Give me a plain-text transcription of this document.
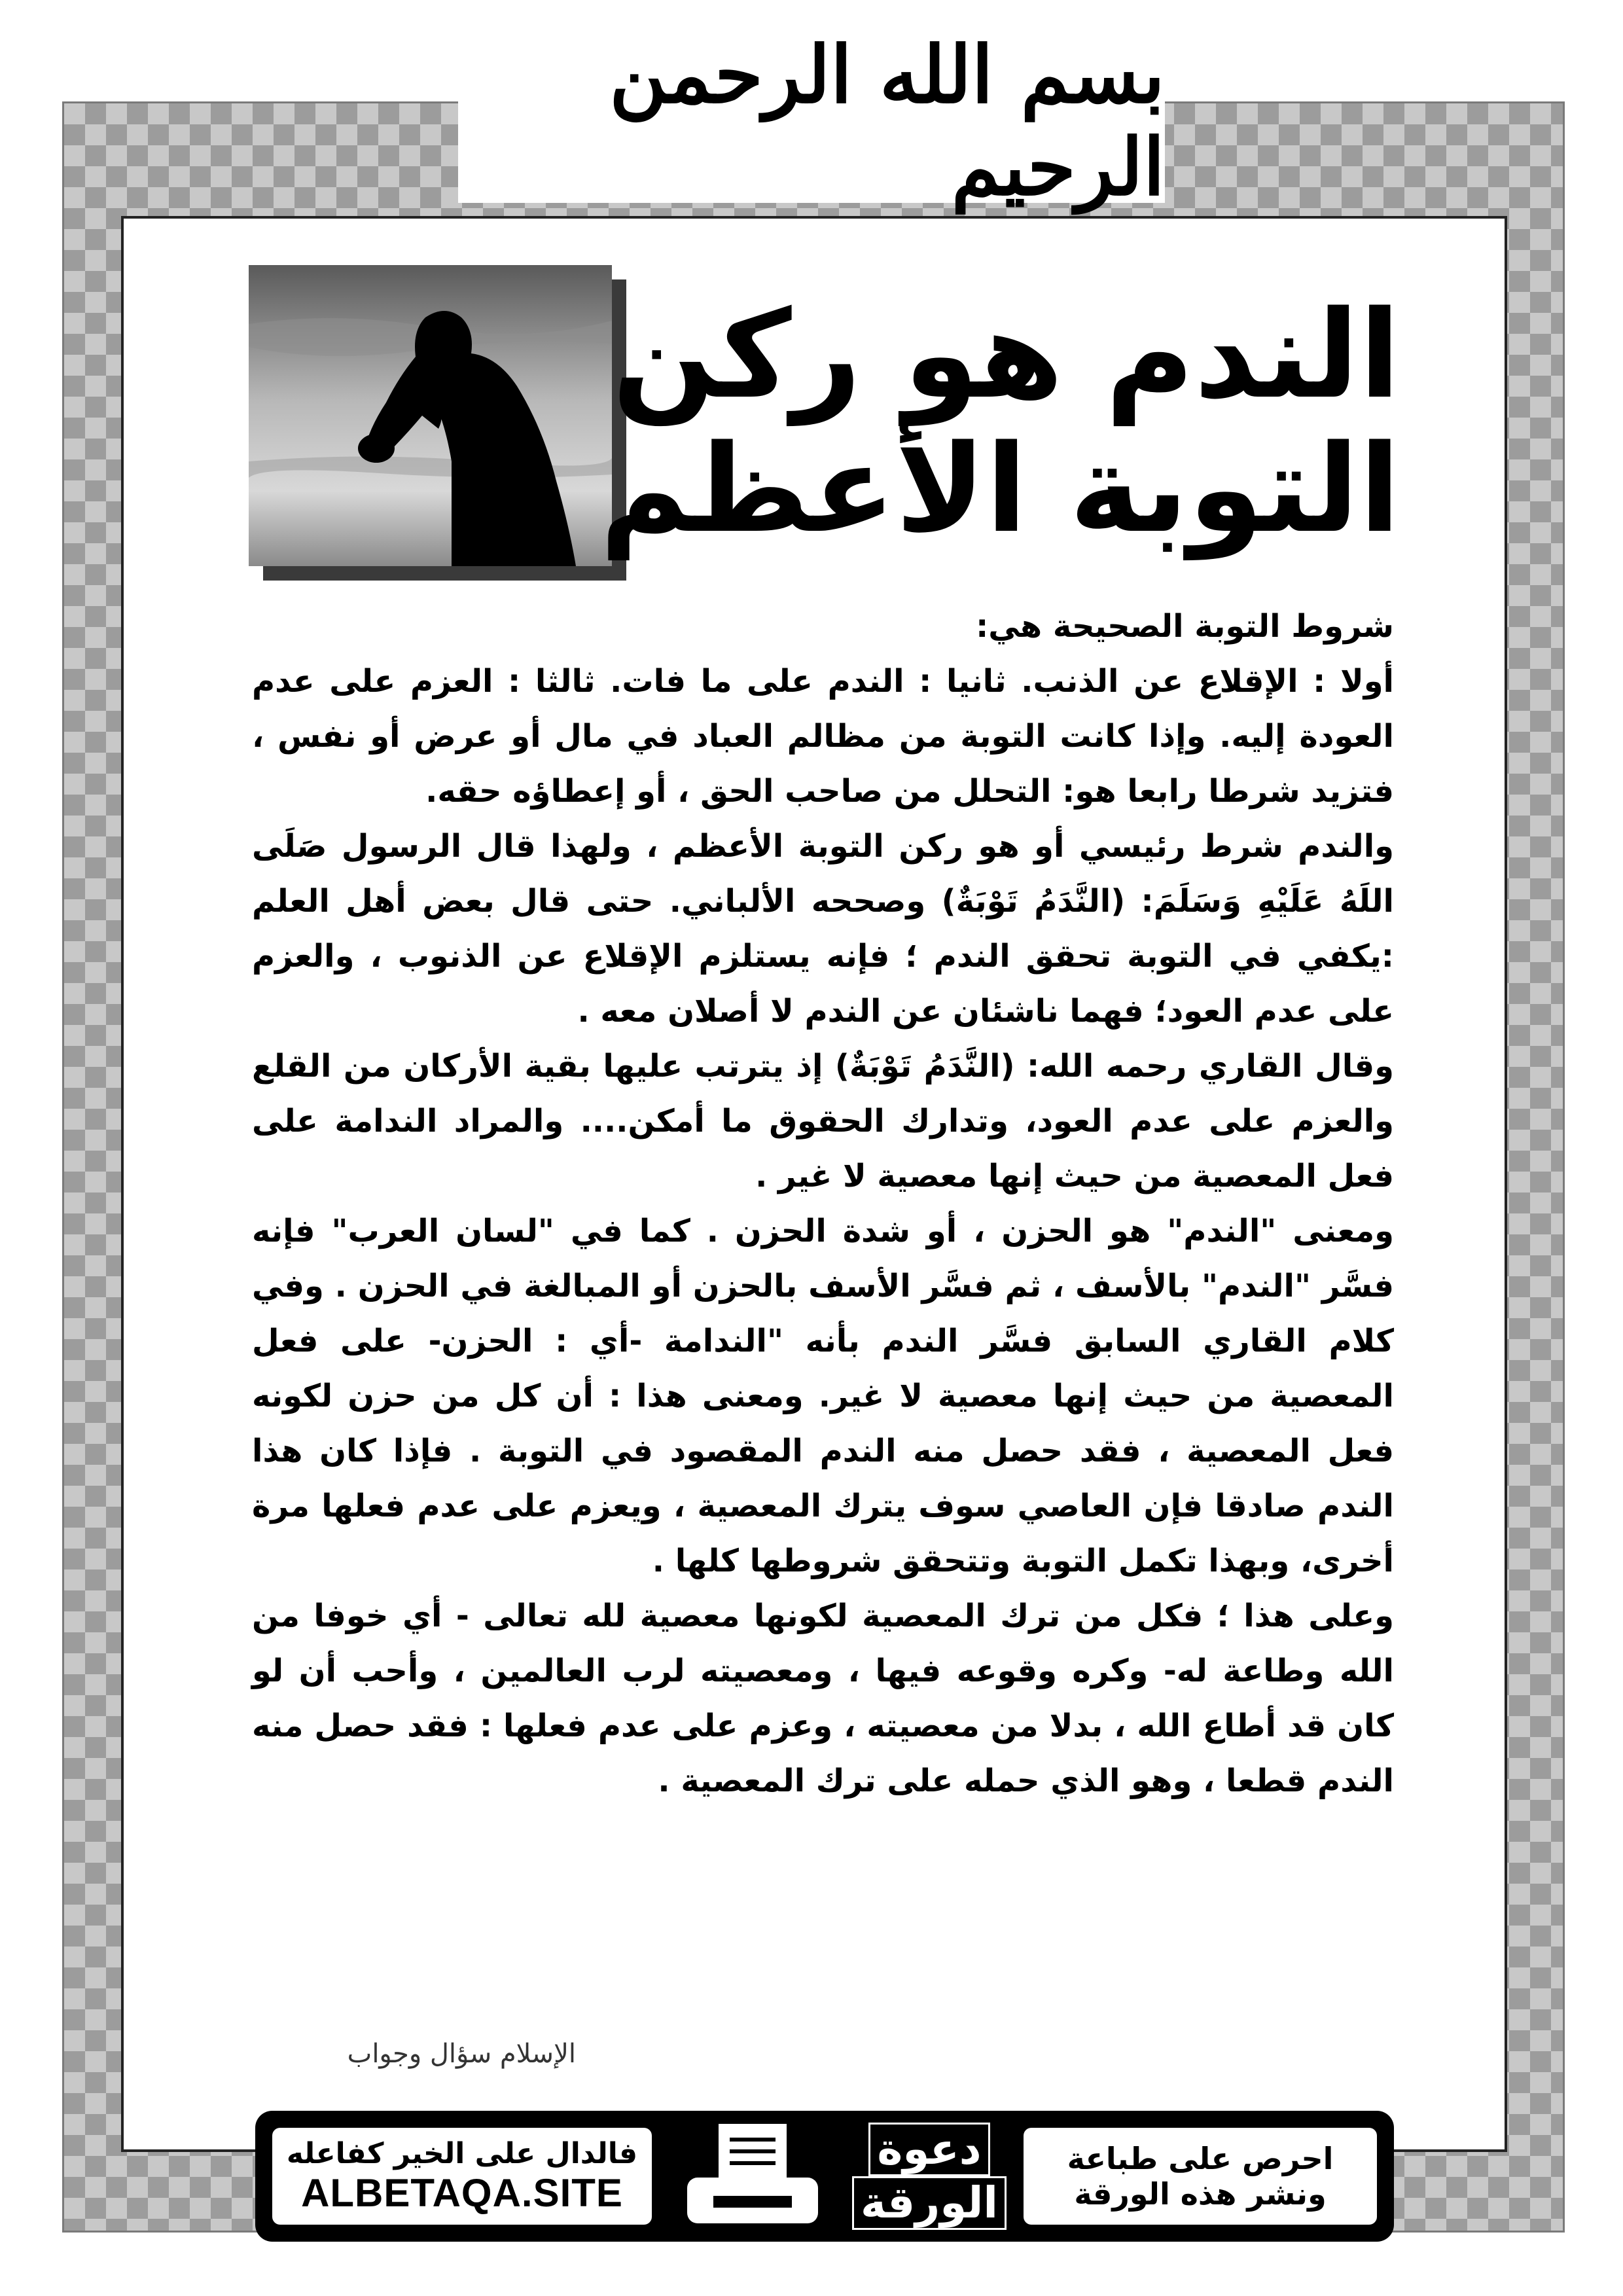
بسم الله الرحمن الرحيم
الندم هو ركن
التوبة الأعظم

شروط التوبة الصحيحة هي:

أولا : الإقلاع عن الذنب. ثانيا : الندم على ما فات. ثالثا : العزم على عدم العودة إليه. وإذا كانت التوبة من مظالم العباد في مال أو عرض أو نفس ، فتزيد شرطا رابعا هو: التحلل من صاحب الحق ، أو إعطاؤه حقه.

والندم شرط رئيسي أو هو ركن التوبة الأعظم ، ولهذا قال الرسول صَلَى اللَهُ عَلَيْهِ وَسَلَمَ: (النَّدَمُ تَوْبَةٌ) وصححه الألباني. حتى قال بعض أهل العلم :يكفي في التوبة تحقق الندم ؛ فإنه يستلزم الإقلاع عن الذنوب ، والعزم على عدم العود؛ فهما ناشئان عن الندم لا أصلان معه .

وقال القاري رحمه الله: (النَّدَمُ تَوْبَةٌ) إذ يترتب عليها بقية الأركان من القلع والعزم على عدم العود، وتدارك الحقوق ما أمكن.... والمراد الندامة على فعل المعصية من حيث إنها معصية لا غير .

ومعنى "الندم" هو الحزن ، أو شدة الحزن . كما في "لسان العرب" فإنه فسَّر "الندم" بالأسف ، ثم فسَّر الأسف بالحزن أو المبالغة في الحزن . وفي كلام القاري السابق فسَّر الندم بأنه "الندامة -أي : الحزن- على فعل المعصية من حيث إنها معصية لا غير. ومعنى هذا : أن كل من حزن لكونه فعل المعصية ، فقد حصل منه الندم المقصود في التوبة . فإذا كان هذا الندم صادقا فإن العاصي سوف يترك المعصية ، ويعزم على عدم فعلها مرة أخرى، وبهذا تكمل التوبة وتتحقق شروطها كلها .

وعلى هذا ؛ فكل من ترك المعصية لكونها معصية لله تعالى - أي خوفا من الله وطاعة له- وكره وقوعه فيها ، ومعصيته لرب العالمين ، وأحب أن لو كان قد أطاع الله ، بدلا من معصيته ، وعزم على عدم فعلها : فقد حصل منه الندم قطعا ، وهو الذي حمله على ترك المعصية .

الإسلام سؤال وجواب
فالدال على الخير كفاعله
ALBETAQA.SITE
دعوة
الورقة
احرص على طباعة
ونشر هذه الورقة
